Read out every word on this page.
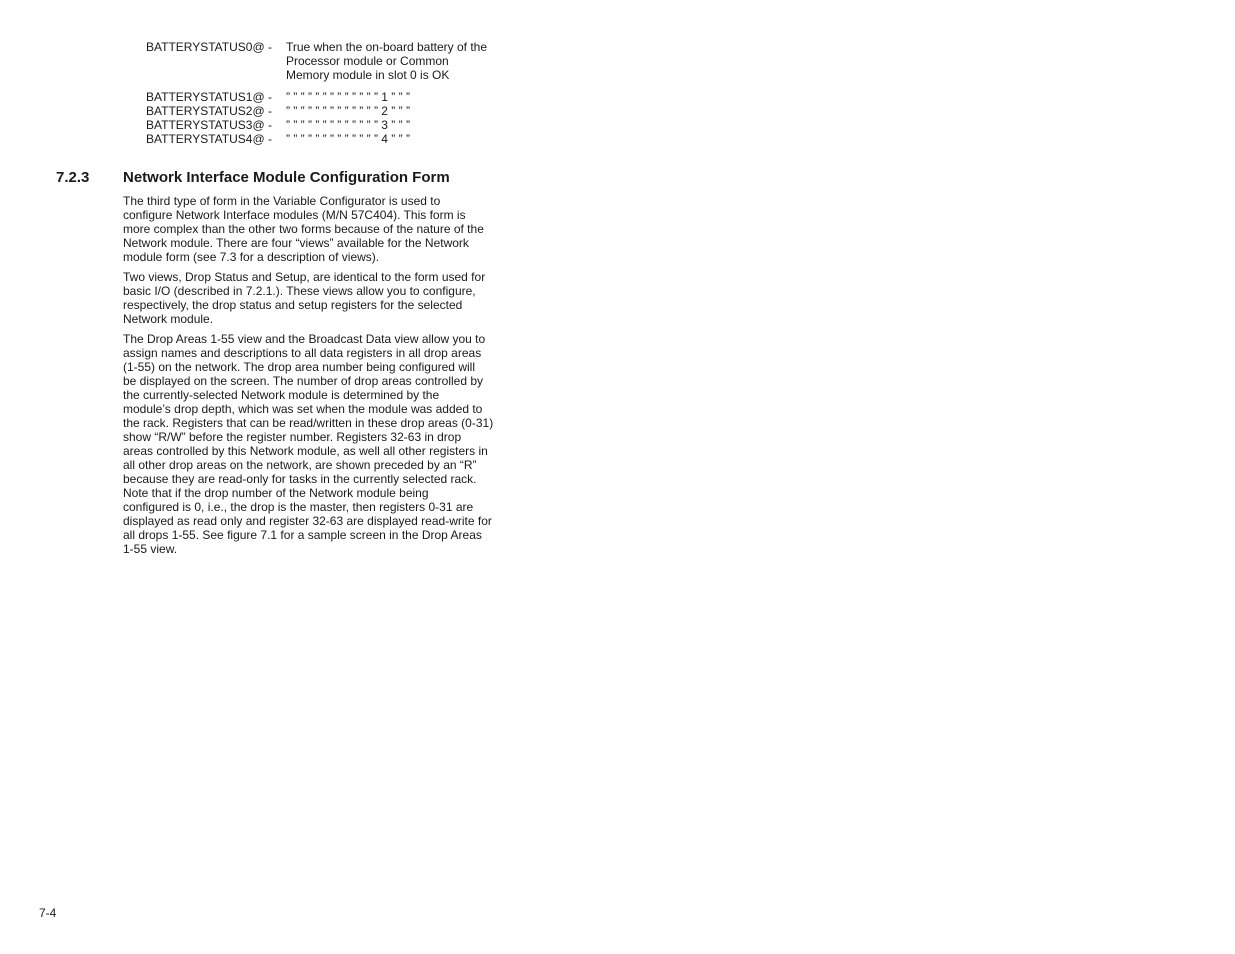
BATTERYSTATUS0@ -	True when the on-board battery of the
Processor module or Common
Memory module in slot 0 is OK
BATTERYSTATUS1@ -	” ” ” ” ” ” ” ” ” ” ” ” ” 1 ” ” ”
BATTERYSTATUS2@ -	” ” ” ” ” ” ” ” ” ” ” ” ” 2 ” ” ”
BATTERYSTATUS3@ -	” ” ” ” ” ” ” ” ” ” ” ” ” 3 ” ” ”
BATTERYSTATUS4@ -	” ” ” ” ” ” ” ” ” ” ” ” ” 4 ” ” ”
7.2.3 Network Interface Module Configuration Form

The third type of form in the Variable Configurator is used to
configure Network Interface modules (M/N 57C404). This form is
more complex than the other two forms because of the nature of the
Network module. There are four “views” available for the Network
module form (see 7.3 for a description of views).

Two views, Drop Status and Setup, are identical to the form used for
basic I/O (described in 7.2.1.). These views allow you to configure,
respectively, the drop status and setup registers for the selected
Network module.

The Drop Areas 1-55 view and the Broadcast Data view allow you to
assign names and descriptions to all data registers in all drop areas
(1-55) on the network. The drop area number being configured will
be displayed on the screen. The number of drop areas controlled by
the currently-selected Network module is determined by the
module’s drop depth, which was set when the module was added to
the rack. Registers that can be read/written in these drop areas (0-31)
show “R/W” before the register number. Registers 32-63 in drop
areas controlled by this Network module, as well all other registers in
all other drop areas on the network, are shown preceded by an “R”
because they are read-only for tasks in the currently selected rack.
Note that if the drop number of the Network module being
configured is 0, i.e., the drop is the master, then registers 0-31 are
displayed as read only and register 32-63 are displayed read-write for
all drops 1-55. See figure 7.1 for a sample screen in the Drop Areas
1-55 view.

7-4
